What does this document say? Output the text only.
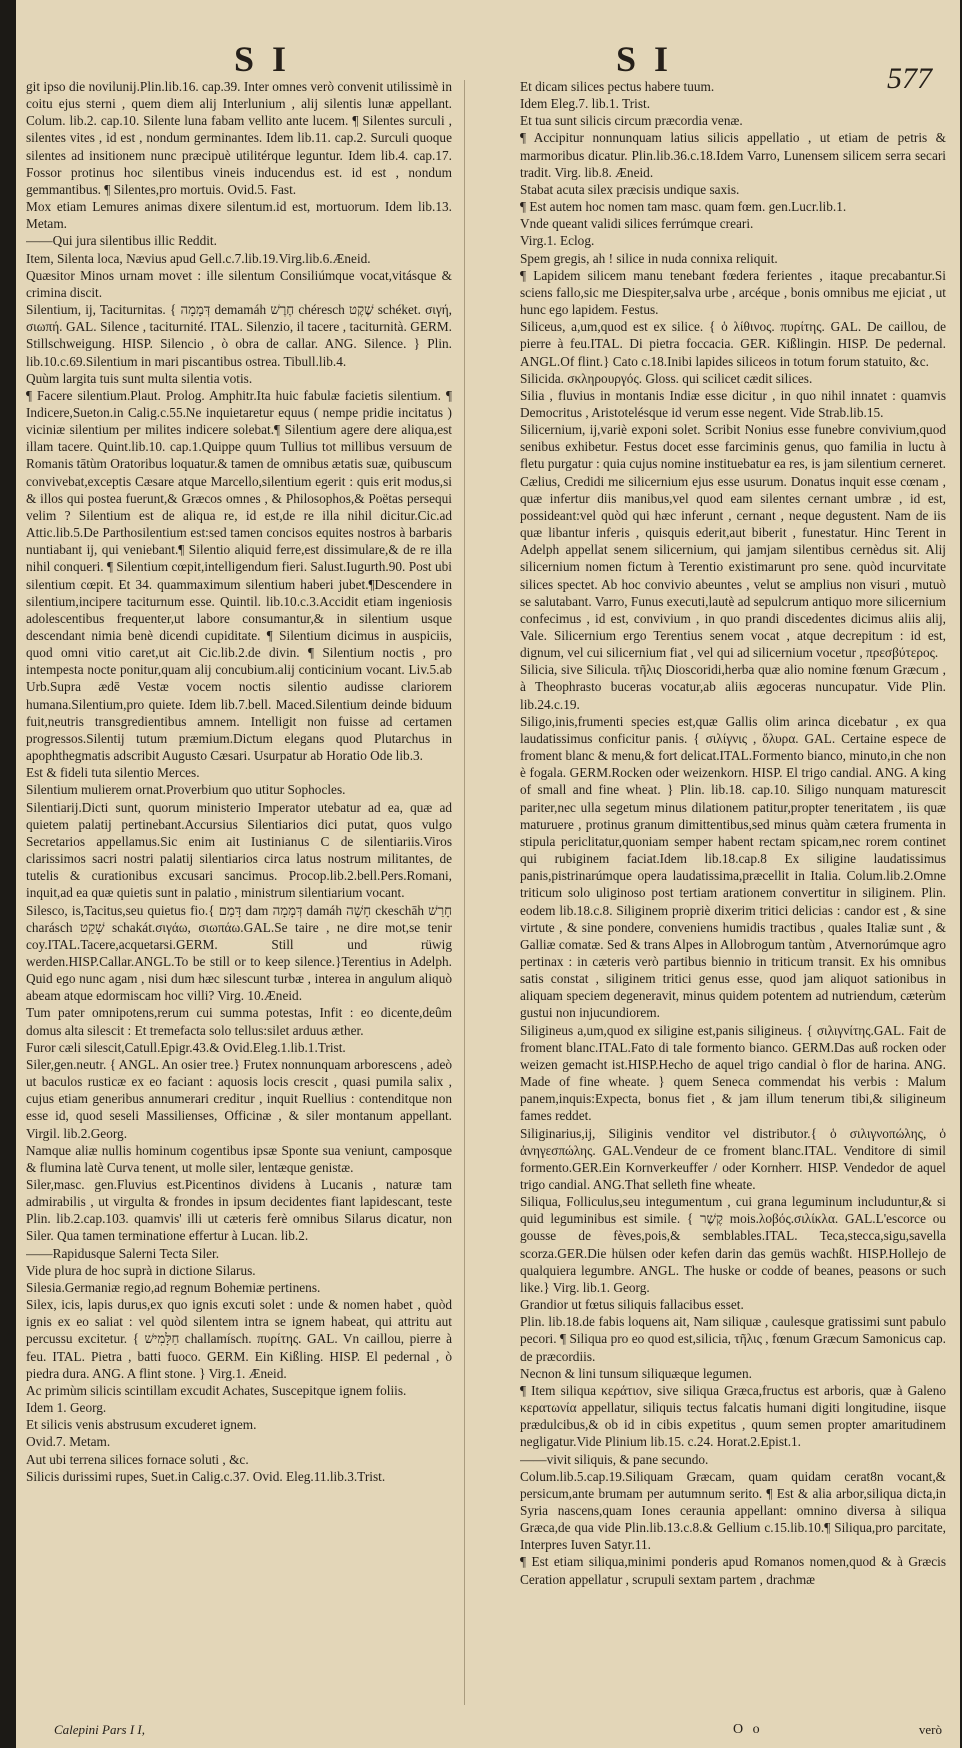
SI	SI	577

git ipso die novilunij.Plin.lib.16. cap.39. Inter omnes verò convenit utilissimè in coitu ejus sterni , quem diem alij Interlunium , alij silentis lunæ appellant. Colum. lib.2. cap.10. Silente luna fabam vellito ante lucem. ¶ Silentes surculi , silentes vites , id est , nondum germinantes. Idem lib.11. cap.2. Surculi quoque silentes ad insitionem nunc præcipuè utilitérque leguntur. Idem lib.4. cap.17. Fossor protinus hoc silentibus vineis inducendus est. id est , nondum gemmantibus. ¶ Silentes,pro mortuis. Ovid.5. Fast.

Mox etiam Lemures animas dixere silentum.id est, mortuorum. Idem lib.13. Metam.

——Qui jura silentibus illic Reddit.

Item, Silenta loca, Nævius apud Gell.c.7.lib.19.Virg.lib.6.Æneid.

Quæsitor Minos urnam movet : ille silentum Consiliúmque vocat,vitásque & crimina discit.

Silentium, ij, Taciturnitas. { דְּמָמָה demamáh חֶרֶשׁ chéresch שֶׁקֶט schéket. σιγή, σιωπή. GAL. Silence , taciturnité. ITAL. Silenzio, il tacere , taciturnità. GERM. Stillschweigung. HISP. Silencio , ò obra de callar. ANG. Silence. } Plin. lib.10.c.69.Silentium in mari piscantibus ostrea. Tibull.lib.4.

Quùm largita tuis sunt multa silentia votis.

¶ Facere silentium.Plaut. Prolog. Amphitr.Ita huic fabulæ facietis silentium. ¶ Indicere,Sueton.in Calig.c.55.Ne inquietaretur equus ( nempe pridie incitatus ) viciniæ silentium per milites indicere solebat.¶ Silentium agere dere aliqua,est illam tacere. Quint.lib.10. cap.1.Quippe quum Tullius tot millibus versuum de Romanis tātùm Oratoribus loquatur.& tamen de omnibus ætatis suæ, quibuscum convivebat,exceptis Cæsare atque Marcello,silentium egerit : quis erit modus,si & illos qui postea fuerunt,& Græcos omnes , & Philosophos,& Poëtas persequi velim ? Silentium est de aliqua re, id est,de re illa nihil dicitur.Cic.ad Attic.lib.5.De Parthosilentium est:sed tamen concisos equites nostros à barbaris nuntiabant ij, qui veniebant.¶ Silentio aliquid ferre,est dissimulare,& de re illa nihil conqueri. ¶ Silentium cœpit,intelligendum fieri. Salust.Iugurth.90. Post ubi silentium cœpit. Et 34. quammaximum silentium haberi jubet.¶Descendere in silentium,incipere taciturnum esse. Quintil. lib.10.c.3.Accidit etiam ingeniosis adolescentibus frequenter,ut labore consumantur,& in silentium usque descendant nimia benè dicendi cupiditate. ¶ Silentium dicimus in auspiciis, quod omni vitio caret,ut ait Cic.lib.2.de divin. ¶ Silentium noctis , pro intempesta nocte ponitur,quam alij concubium.alij conticinium vocant. Liv.5.ab Urb.Supra ædē Vestæ vocem noctis silentio audisse clariorem humana.Silentium,pro quiete. Idem lib.7.bell. Maced.Silentium deinde biduum fuit,neutris transgredientibus amnem. Intelligit non fuisse ad certamen progressos.Silentij tutum præmium.Dictum elegans quod Plutarchus in apophthegmatis adscribit Augusto Cæsari. Usurpatur ab Horatio Ode lib.3.

Est & fideli tuta silentio Merces.

Silentium mulierem ornat.Proverbium quo utitur Sophocles.

Silentiarij.Dicti sunt, quorum ministerio Imperator utebatur ad ea, quæ ad quietem palatij pertinebant.Accursius Silentiarios dici putat, quos vulgo Secretarios appellamus.Sic enim ait Iustinianus C de silentiariis.Viros clarissimos sacri nostri palatij silentiarios circa latus nostrum militantes, de tutelis & curationibus excusari sancimus. Procop.lib.2.bell.Pers.Romani, inquit,ad ea quæ quietis sunt in palatio , ministrum silentiarium vocant.

Silesco, is,Tacitus,seu quietus fio.{ דָּמַם dam דְּמָמָה damáh חָשָׁה ckeschāh חָרַשׁ charásch שָׁקַט schakát.σιγάω, σιωπάω.GAL.Se taire , ne dire mot,se tenir coy.ITAL.Tacere,acquetarsi.GERM. Still und rüwig werden.HISP.Callar.ANGL.To be still or to keep silence.}Terentius in Adelph. Quid ego nunc agam , nisi dum hæc silescunt turbæ , interea in angulum aliquò abeam atque edormiscam hoc villi? Virg. 10.Æneid.

Tum pater omnipotens,rerum cui summa potestas, Infit : eo dicente,deûm domus alta silescit : Et tremefacta solo tellus:silet arduus æther.

Furor cæli silescit,Catull.Epigr.43.& Ovid.Eleg.1.lib.1.Trist.

Siler,gen.neutr. { ANGL. An osier tree.} Frutex nonnunquam arborescens , adeò ut baculos rusticæ ex eo faciant : aquosis locis crescit , quasi pumila salix , cujus etiam generibus annumerari creditur , inquit Ruellius : contenditque non esse id, quod seseli Massilienses, Officinæ , & siler montanum appellant. Virgil. lib.2.Georg.

Namque aliæ nullis hominum cogentibus ipsæ Sponte sua veniunt, camposque & flumina latè Curva tenent, ut molle siler, lentæque genistæ.

Siler,masc. gen.Fluvius est.Picentinos dividens à Lucanis , naturæ tam admirabilis , ut virgulta & frondes in ipsum decidentes fiant lapidescant, teste Plin. lib.2.cap.103. quamvis' illi ut cæteris ferè omnibus Silarus dicatur, non Siler. Qua tamen terminatione effertur à Lucan. lib.2.

——Rapidusque Salerni Tecta Siler.

Vide plura de hoc suprà in dictione Silarus.

Silesia.Germaniæ regio,ad regnum Bohemiæ pertinens.

Silex, icis, lapis durus,ex quo ignis excuti solet : unde & nomen habet , quòd ignis ex eo saliat : vel quòd silentem intra se ignem habeat, qui attritu aut percussu excitetur. { חַלָּמִישׁ challamísch. πυρίτης. GAL. Vn caillou, pierre à feu. ITAL. Pietra , batti fuoco. GERM. Ein Kißling. HISP. El pedernal , ò piedra dura. ANG. A flint stone. } Virg.1. Æneid.

Ac primùm silicis scintillam excudit Achates, Suscepitque ignem foliis.

Idem 1. Georg.

Et silicis venis abstrusum excuderet ignem.

Ovid.7. Metam.

Aut ubi terrena silices fornace soluti , &c.

Silicis durissimi rupes, Suet.in Calig.c.37. Ovid. Eleg.11.lib.3.Trist.

Et dicam silices pectus habere tuum.

Idem Eleg.7. lib.1. Trist.

Et tua sunt silicis circum præcordia venæ.

¶ Accipitur nonnunquam latius silicis appellatio , ut etiam de petris & marmoribus dicatur. Plin.lib.36.c.18.Idem Varro, Lunensem silicem serra secari tradit. Virg. lib.8. Æneid.

Stabat acuta silex præcisis undique saxis.

¶ Est autem hoc nomen tam masc. quam fœm. gen.Lucr.lib.1.

Vnde queant validi silices ferrúmque creari.

Virg.1. Eclog.

Spem gregis, ah ! silice in nuda connixa reliquit.

¶ Lapidem silicem manu tenebant fœdera ferientes , itaque precabantur.Si sciens fallo,sic me Diespiter,salva urbe , arcéque , bonis omnibus me ejiciat , ut hunc ego lapidem. Festus.

Siliceus, a,um,quod est ex silice. { ὁ λίθινος. πυρίτης. GAL. De caillou, de pierre à feu.ITAL. Di pietra foccacia. GER. Kißlingin. HISP. De pedernal. ANGL.Of flint.} Cato c.18.Inibi lapides siliceos in totum forum statuito, &c.

Silicida. σκληρουργός. Gloss. qui scilicet cædit silices.

Silia , fluvius in montanis Indiæ esse dicitur , in quo nihil innatet : quamvis Democritus , Aristotelésque id verum esse negent. Vide Strab.lib.15.

Silicernium, ij,variè exponi solet. Scribit Nonius esse funebre convivium,quod senibus exhibetur. Festus docet esse farciminis genus, quo familia in luctu à fletu purgatur : quia cujus nomine instituebatur ea res, is jam silentium cerneret. Cælius, Credidi me silicernium ejus esse usurum. Donatus inquit esse cœnam , quæ infertur diis manibus,vel quod eam silentes cernant umbræ , id est, possideant:vel quòd qui hæc inferunt , cernant , neque degustent. Nam de iis quæ libantur inferis , quisquis ederit,aut biberit , funestatur. Hinc Terent in Adelph appellat senem silicernium, qui jamjam silentibus cernèdus sit. Alij silicernium nomen fictum à Terentio existimarunt pro sene. quòd incurvitate silices spectet. Ab hoc convivio abeuntes , velut se amplius non visuri , mutuò se salutabant. Varro, Funus executi,lautè ad sepulcrum antiquo more silicernium confecimus , id est, convivium , in quo prandi discedentes dicimus aliis alij, Vale. Silicernium ergo Terentius senem vocat , atque decrepitum : id est, dignum, vel cui silicernium fiat , vel qui ad silicernium vocetur , πρεσβύτερος.

Silicia, sive Silicula. τῆλις Dioscoridi,herba quæ alio nomine fœnum Græcum , à Theophrasto buceras vocatur,ab aliis ægoceras nuncupatur. Vide Plin. lib.24.c.19.

Siligo,inis,frumenti species est,quæ Gallis olim arinca dicebatur , ex qua laudatissimus conficitur panis. { σιλίγνις , ὄλυρα. GAL. Certaine espece de froment blanc & menu,& fort delicat.ITAL.Formento bianco, minuto,in che non è fogala. GERM.Rocken oder weizenkorn. HISP. El trigo candial. ANG. A king of small and fine wheat. } Plin. lib.18. cap.10. Siligo nunquam maturescit pariter,nec ulla segetum minus dilationem patitur,propter teneritatem , iis quæ maturuere , protinus granum dimittentibus,sed minus quàm cætera frumenta in stipula periclitatur,quoniam semper habent rectam spicam,nec rorem continet qui rubiginem faciat.Idem lib.18.cap.8 Ex siligine laudatissimus panis,pistrinarúmque opera laudatissima,præcellit in Italia. Colum.lib.2.Omne triticum solo uliginoso post tertiam arationem convertitur in siliginem. Plin. eodem lib.18.c.8. Siliginem propriè dixerim tritici delicias : candor est , & sine virtute , & sine pondere, conveniens humidis tractibus , quales Italiæ sunt , & Galliæ comatæ. Sed & trans Alpes in Allobrogum tantùm , Atvernorúmque agro pertinax : in cæteris verò partibus biennio in triticum transit. Ex his omnibus satis constat , siliginem tritici genus esse, quod jam aliquot sationibus in aliquam speciem degeneravit, minus quidem potentem ad nutriendum, cæterùm gustui non injucundiorem.

Siligineus a,um,quod ex siligine est,panis siligineus. { σιλιγνίτης.GAL. Fait de froment blanc.ITAL.Fato di tale formento bianco. GERM.Das auß rocken oder weizen gemacht ist.HISP.Hecho de aquel trigo candial ò flor de harina. ANG. Made of fine wheate. } quem Seneca commendat his verbis : Malum panem,inquis:Expecta, bonus fiet , & jam illum tenerum tibi,& siligineum fames reddet.

Siliginarius,ij, Siliginis venditor vel distributor.{ ὁ σιλιγνοπώλης, ὁ ἀνηγεσπώλης. GAL.Vendeur de ce froment blanc.ITAL. Venditore di simil formento.GER.Ein Kornverkeuffer / oder Kornherr. HISP. Vendedor de aquel trigo candial. ANG.That selleth fine wheate.

Siliqua, Folliculus,seu integumentum , cui grana leguminum includuntur,& si quid leguminibus est simile. { קֶשֶׁר mois.λοβός.σιλίκλα. GAL.L'escorce ou gousse de fèves,pois,& semblables.ITAL. Teca,stecca,sigu,savella scorza.GER.Die hülsen oder kefen darin das gemüs wachßt. HISP.Hollejo de qualquiera legumbre. ANGL. The huske or codde of beanes, peasons or such like.} Virg. lib.1. Georg.

Grandior ut fœtus siliquis fallacibus esset.

Plin. lib.18.de fabis loquens ait, Nam siliquæ , caulesque gratissimi sunt pabulo pecori. ¶ Siliqua pro eo quod est,silicia, τῆλις , fœnum Græcum Samonicus cap. de præcordiis.

Necnon & lini tunsum siliquæque legumen.

¶ Item siliqua κεράτιον, sive siliqua Græca,fructus est arboris, quæ à Galeno κερατωνία appellatur, siliquis tectus falcatis humani digiti longitudine, iisque prædulcibus,& ob id in cibis expetitus , quum semen propter amaritudinem negligatur.Vide Plinium lib.15. c.24. Horat.2.Epist.1.

——vivit siliquis, & pane secundo.

Colum.lib.5.cap.19.Siliquam Græcam, quam quidam cerat8n vocant,& persicum,ante brumam per autumnum serito. ¶ Est & alia arbor,siliqua dicta,in Syria nascens,quam Iones ceraunia appellant: omnino diversa à siliqua Græca,de qua vide Plin.lib.13.c.8.& Gellium c.15.lib.10.¶ Siliqua,pro parcitate, Interpres Iuven Satyr.11.

¶ Est etiam siliqua,minimi ponderis apud Romanos nomen,quod & à Græcis Ceration appellatur , scrupuli sextam partem , drachmæ

Calepini Pars I I,	O o	verò
